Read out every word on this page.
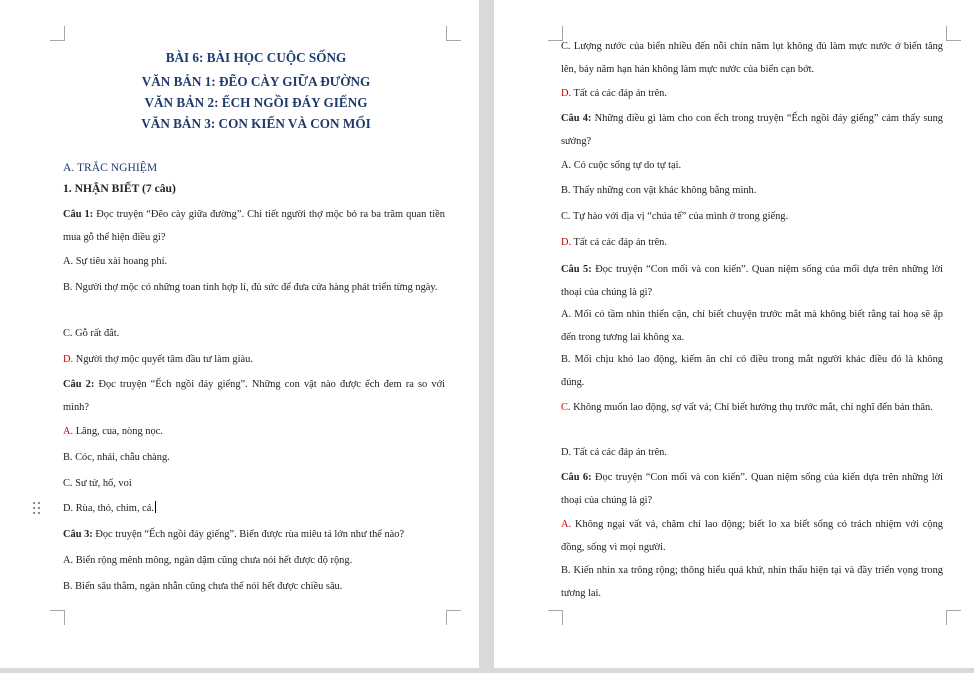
BÀI 6: BÀI HỌC CUỘC SỐNG
VĂN BẢN 1: ĐẼO CÀY GIỮA ĐƯỜNG
VĂN BẢN 2: ẾCH NGỒI ĐÁY GIẾNG
VĂN BẢN 3: CON KIẾN VÀ CON MỐI
A. TRẮC NGHIỆM
1. NHẬN BIẾT (7 câu)
Câu 1: Đọc truyện “Đẽo cày giữa đường”. Chi tiết người thợ mộc bỏ ra ba trăm quan tiền mua gỗ thể hiện điều gì?
A. Sự tiêu xài hoang phí.
B. Người thợ mộc có những toan tính hợp lí, đủ sức để đưa cửa hàng phát triển từng ngày.
C. Gỗ rất đắt.
D. Người thợ mộc quyết tâm đầu tư làm giàu.
Câu 2: Đọc truyện “Ếch ngồi đáy giếng”. Những con vật nào được ếch đem ra so với mình?
A. Lăng, cua, nòng nọc.
B. Cóc, nhái, chẫu chàng.
C. Sư tử, hổ, voi
D. Rùa, thỏ, chim, cá.
Câu 3: Đọc truyện “Ếch ngồi đáy giếng”. Biển được rùa miêu tả lớn như thế nào?
A. Biển rộng mênh mông, ngàn dặm cũng chưa nói hết được độ rộng.
B. Biển sâu thẳm, ngàn nhẫn cũng chưa thể nói hết được chiều sâu.
C. Lượng nước của biển nhiều đến nỗi chín năm lụt không đủ làm mực nước ở biển tăng lên, bảy năm hạn hán không làm mực nước của biển cạn bớt.
D. Tất cả các đáp án trên.
Câu 4: Những điều gì làm cho con ếch trong truyện “Ếch ngồi đáy giếng” cảm thấy sung sướng?
A. Có cuộc sống tự do tự tại.
B. Thấy những con vật khác không bằng mình.
C. Tự hào với địa vị “chúa tể” của mình ở trong giếng.
D. Tất cả các đáp án trên.
Câu 5: Đọc truyện “Con mối và con kiến”. Quan niệm sống của mối dựa trên những lời thoại của chúng là gì?
A. Mối có tầm nhìn thiển cận, chỉ biết chuyện trước mắt mà không biết rằng tai hoạ sẽ ập đến trong tương lai không xa.
B. Mối chịu khó lao động, kiếm ăn chỉ có điều trong mắt người khác điều đó là không đúng.
C. Không muốn lao động, sợ vất vả; Chỉ biết hưởng thụ trước mắt, chỉ nghĩ đến bản thân.
D. Tất cả các đáp án trên.
Câu 6: Đọc truyện “Con mối và con kiến”. Quan niệm sống của kiến dựa trên những lời thoại của chúng là gì?
A. Không ngại vất vả, chăm chỉ lao động; biết lo xa biết sống có trách nhiệm với cộng đồng, sống vì mọi người.
B. Kiến nhìn xa trông rộng; thông hiểu quá khứ, nhìn thấu hiện tại và đầy triển vọng trong tương lai.
